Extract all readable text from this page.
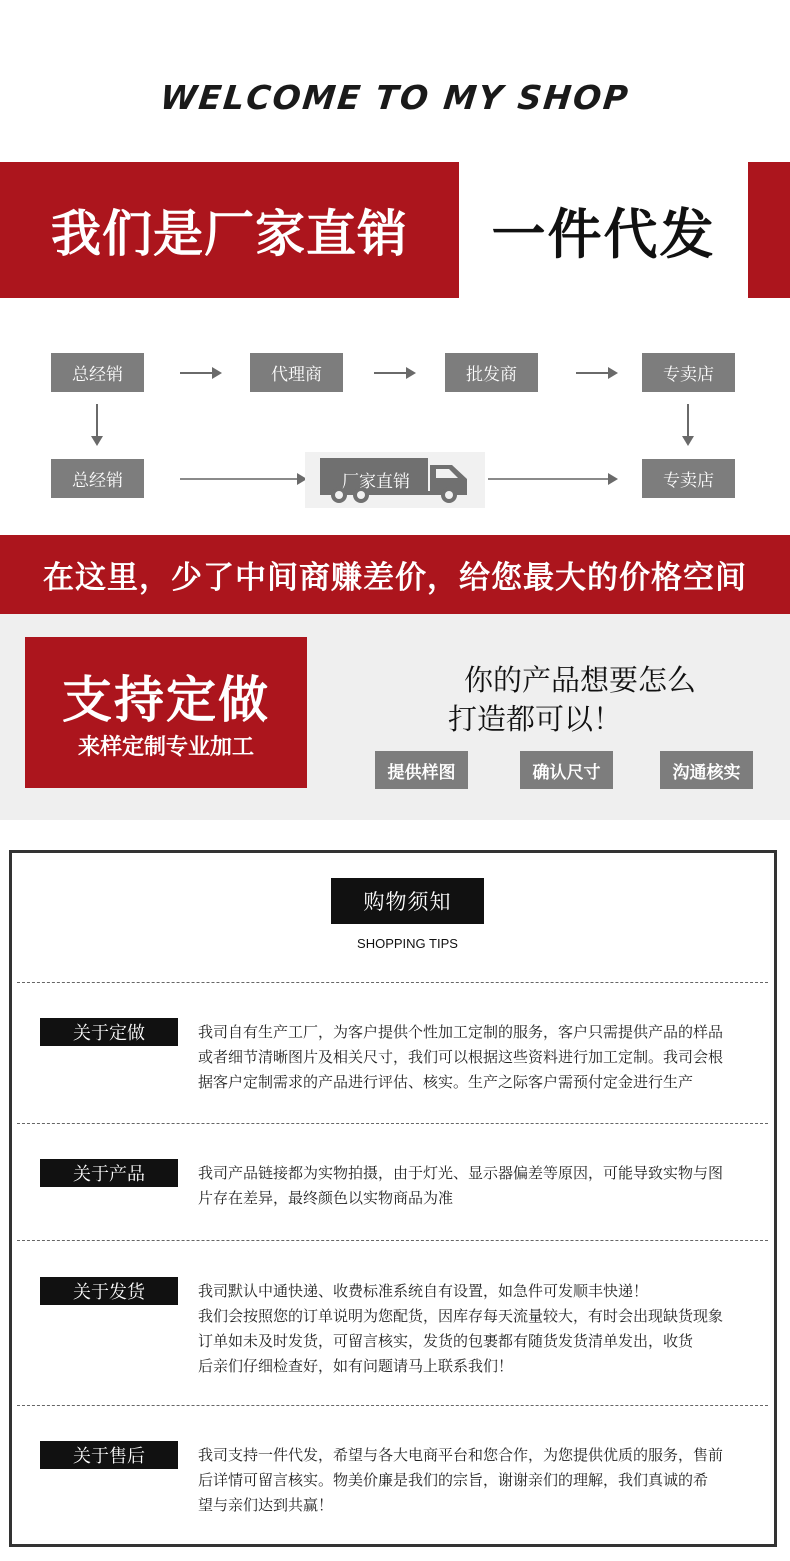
WELCOME TO MY SHOP
我们是厂家直销	一件代发
总经销	代理商	批发商	专卖店
总经销	厂家直销	专卖店
在这里，少了中间商赚差价，给您最大的价格空间
支持定做
来样定制专业加工
你的产品想要怎么
打造都可以！
提供样图	确认尺寸	沟通核实
购物须知
SHOPPING TIPS
关于定做	我司自有生产工厂，为客户提供个性加工定制的服务，客户只需提供产品的样品

或者细节清晰图片及相关尺寸，我们可以根据这些资料进行加工定制。我司会根

据客户定制需求的产品进行评估、核实。生产之际客户需预付定金进行生产

关于产品	我司产品链接都为实物拍摄，由于灯光、显示器偏差等原因，可能导致实物与图

片存在差异，最终颜色以实物商品为准

关于发货	我司默认中通快递、收费标准系统自有设置，如急件可发顺丰快递！

我们会按照您的订单说明为您配货，因库存每天流量较大，有时会出现缺货现象

订单如未及时发货，可留言核实，发货的包裹都有随货发货清单发出，收货

后亲们仔细检查好，如有问题请马上联系我们！

关于售后	我司支持一件代发，希望与各大电商平台和您合作，为您提供优质的服务，售前

后详情可留言核实。物美价廉是我们的宗旨，谢谢亲们的理解，我们真诚的希

望与亲们达到共赢！
